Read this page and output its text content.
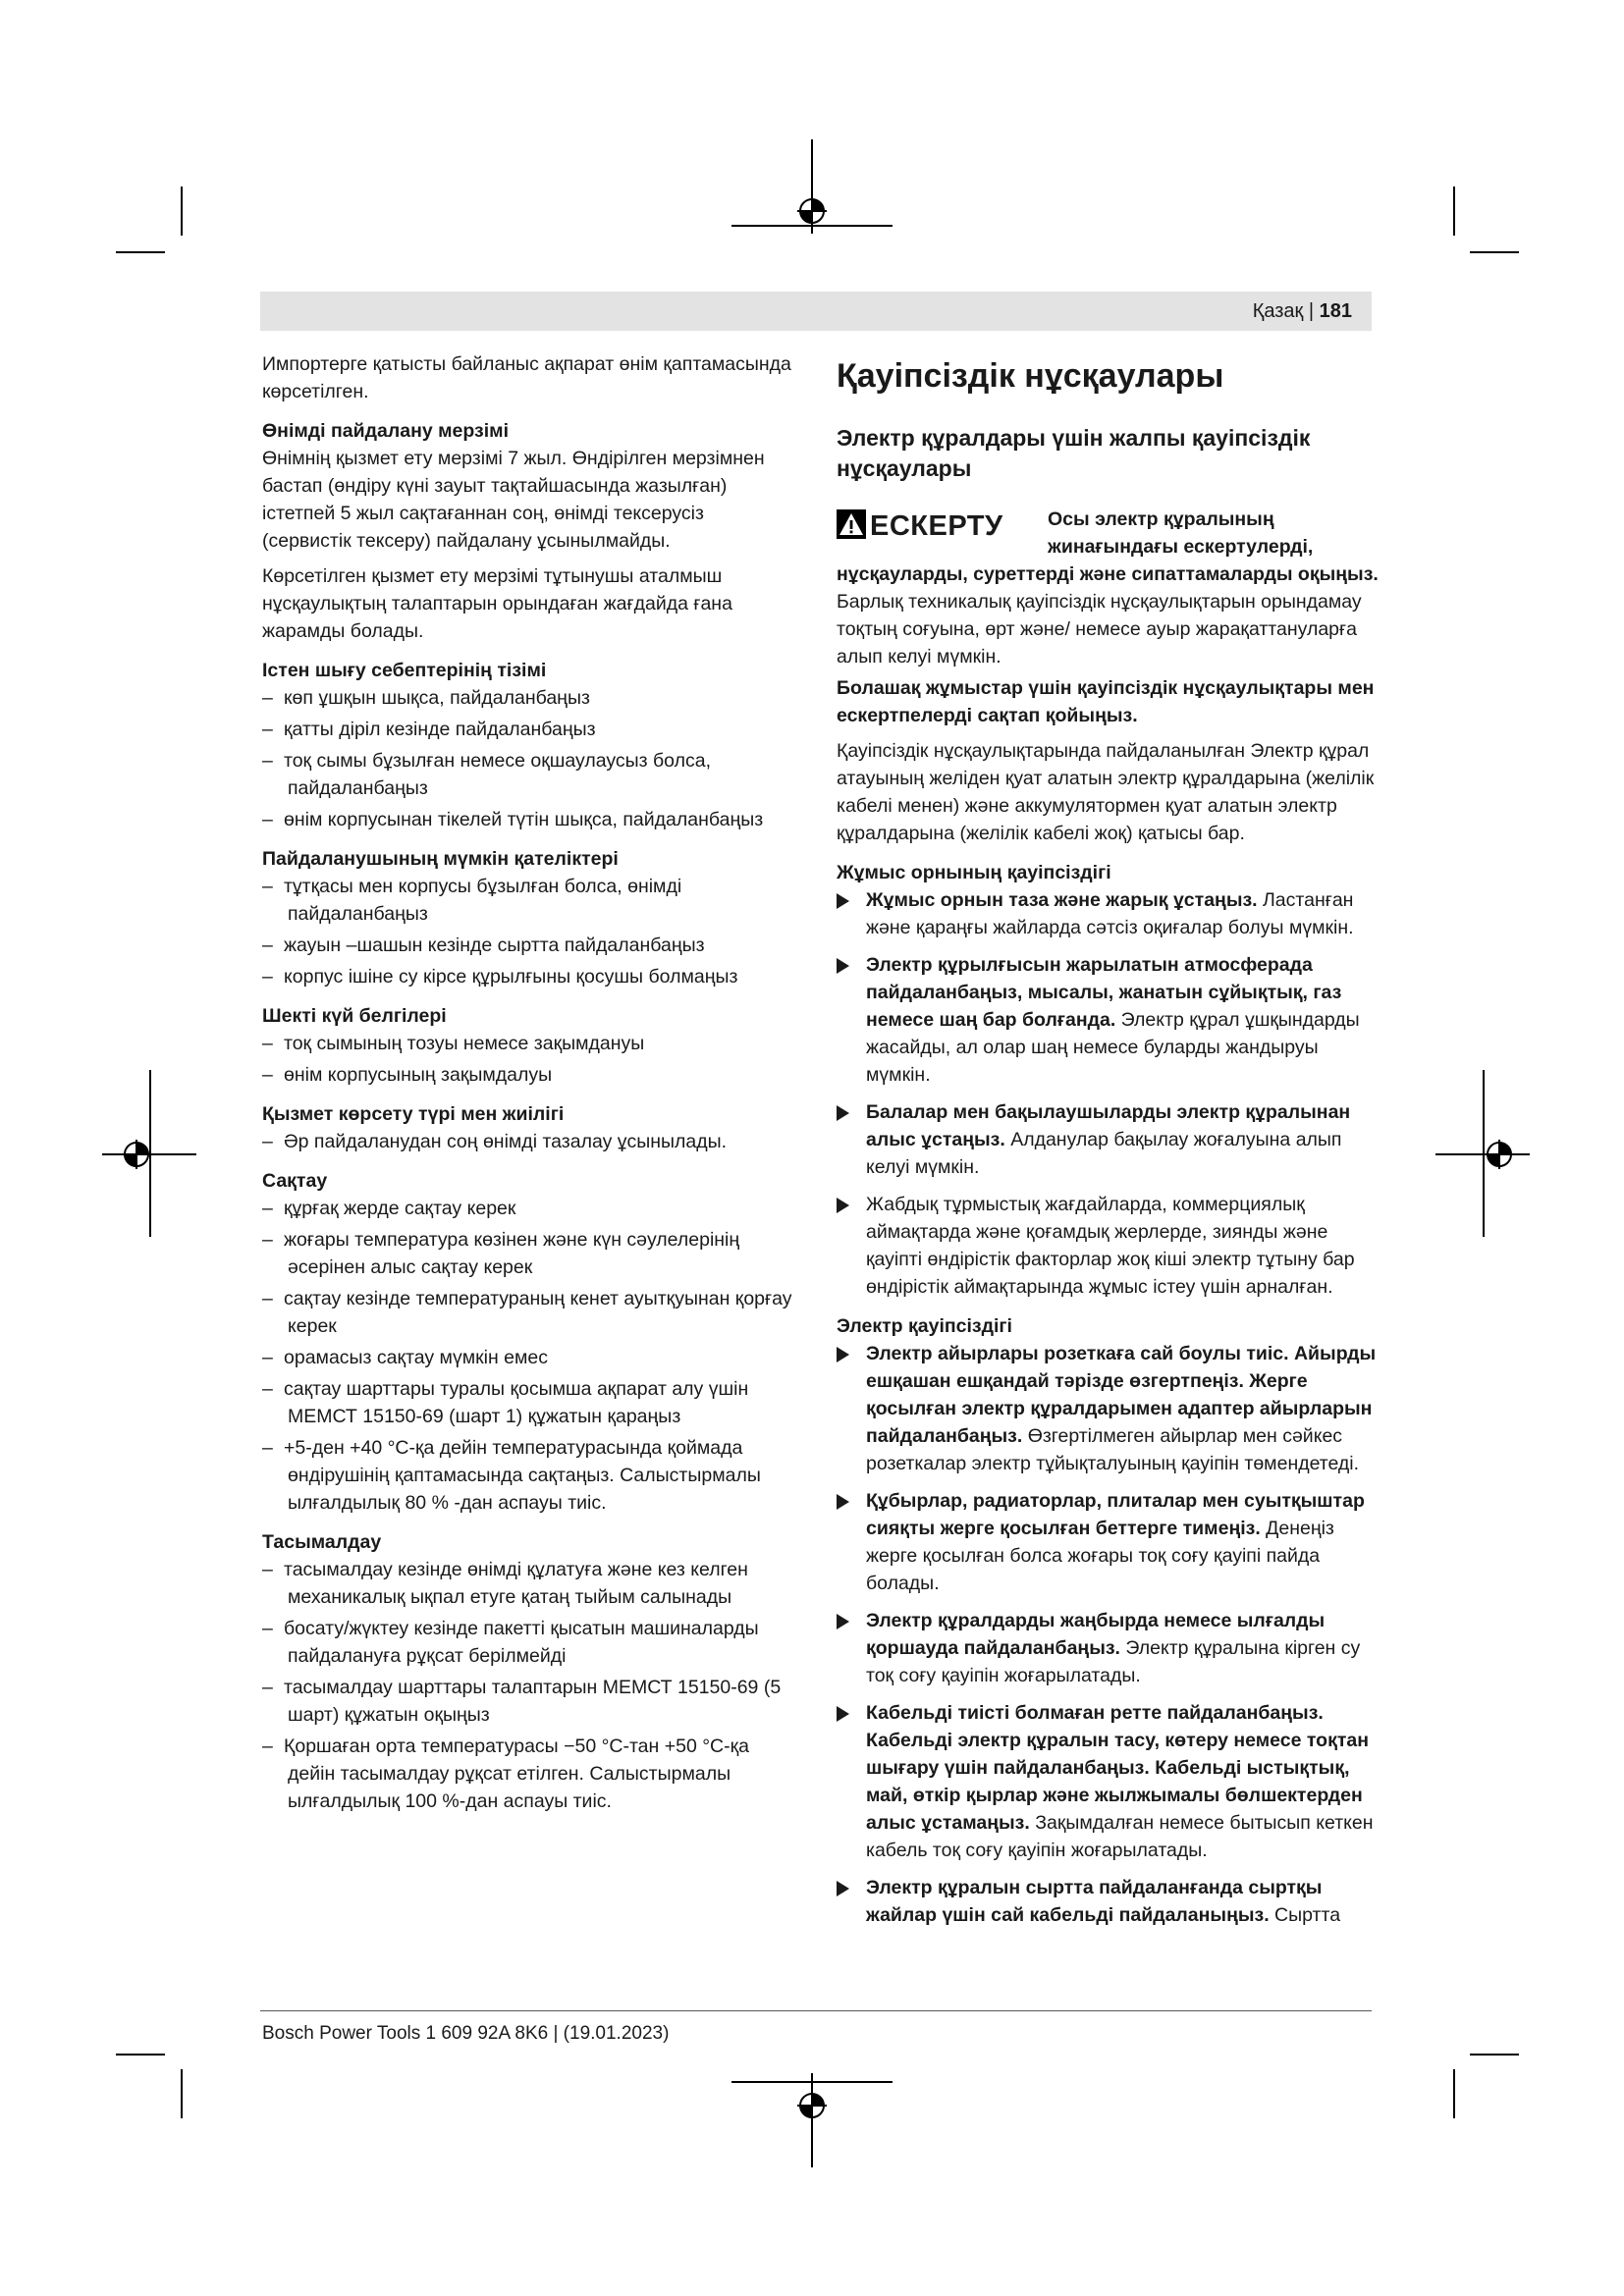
Қазақ | 181

Импортерге қатысты байланыс ақпарат өнім қаптамасында көрсетілген.

Өнімді пайдалану мерзімі

Өнімнің қызмет ету мерзімі 7 жыл. Өндірілген мерзімнен бастап (өндіру күні зауыт тақтайшасында жазылған) істетпей 5 жыл сақтағаннан соң, өнімді тексерусіз (сервистік тексеру) пайдалану ұсынылмайды.

Көрсетілген қызмет ету мерзімі тұтынушы аталмыш нұсқаулықтың талаптарын орындаған жағдайда ғана жарамды болады.

Істен шығу себептерінің тізімі
– көп ұшқын шықса, пайдаланбаңыз
– қатты діріл кезінде пайдаланбаңыз
– тоқ сымы бұзылған немесе оқшаулаусыз болса, пайдаланбаңыз
– өнім корпусынан тікелей түтін шықса, пайдаланбаңыз
Пайдаланушының мүмкін қателіктері
– тұтқасы мен корпусы бұзылған болса, өнімді пайдаланбаңыз
– жауын –шашын кезінде сыртта пайдаланбаңыз
– корпус ішіне су кірсе құрылғыны қосушы болмаңыз
Шекті күй белгілері
– тоқ сымының тозуы немесе зақымдануы
– өнім корпусының зақымдалуы
Қызмет көрсету түрі мен жиілігі
– Әр пайдаланудан соң өнімді тазалау ұсынылады.
Сақтау
– құрғақ жерде сақтау керек
– жоғары температура көзінен және күн сәулелерінің әсерінен алыс сақтау керек
– сақтау кезінде температураның кенет ауытқуынан қорғау керек
– орамасыз сақтау мүмкін емес
– сақтау шарттары туралы қосымша ақпарат алу үшін МЕМСТ 15150-69 (шарт 1) құжатын қараңыз
– +5-ден +40 °C-қа дейін температурасында қоймада өндірушінің қаптамасында сақтаңыз. Салыстырмалы ылғалдылық 80 % -дан аспауы тиіс.
Тасымалдау
– тасымалдау кезінде өнімді құлатуға және кез келген механикалық ықпал етуге қатаң тыйым салынады
– босату/жүктеу кезінде пакетті қысатын машиналарды пайдалануға рұқсат берілмейді
– тасымалдау шарттары талаптарын МЕМСТ 15150-69 (5 шарт) құжатын оқыңыз
– Қоршаған орта температурасы −50 °C-тан +50 °C-қа дейін тасымалдау рұқсат етілген. Салыстырмалы ылғалдылық 100 %-дан аспауы тиіс.
Қауіпсіздік нұсқаулары
Электр құралдары үшін жалпы қауіпсіздік нұсқаулары
ЕСКЕРТУ Осы электр құралының жинағындағы ескертулерді,
нұсқауларды, суреттерді және сипаттамаларды оқыңыз. Барлық техникалық қауіпсіздік нұсқаулықтарын орындамау тоқтың соғуына, өрт және/ немесе ауыр жарақаттануларға алып келуі мүмкін.

Болашақ жұмыстар үшін қауіпсіздік нұсқаулықтары мен ескертпелерді сақтап қойыңыз.

Қауіпсіздік нұсқаулықтарында пайдаланылған Электр құрал атауының желіден қуат алатын электр құралдарына (желілік кабелі менен) және аккумулятормен қуат алатын электр құралдарына (желілік кабелі жоқ) қатысы бар.

Жұмыс орнының қауіпсіздігі
Жұмыс орнын таза және жарық ұстаңыз. Ластанған және қараңғы жайларда сәтсіз оқиғалар болуы мүмкін.
Электр құрылғысын жарылатын атмосферада пайдаланбаңыз, мысалы, жанатын сұйықтық, газ немесе шаң бар болғанда. Электр құрал ұшқындарды жасайды, ал олар шаң немесе буларды жандыруы мүмкін.
Балалар мен бақылаушыларды электр құралынан алыс ұстаңыз. Алданулар бақылау жоғалуына алып келуі мүмкін.
Жабдық тұрмыстық жағдайларда, коммерциялық аймақтарда және қоғамдық жерлерде, зиянды және қауіпті өндірістік факторлар жоқ кіші электр тұтыну бар өндірістік аймақтарында жұмыс істеу үшін арналған.
Электр қауіпсіздігі
Электр айырлары розеткаға сай боулы тиіс. Айырды ешқашан ешқандай тәрізде өзгертпеңіз. Жерге қосылған электр құралдарымен адаптер айырларын пайдаланбаңыз. Өзгертілмеген айырлар мен сәйкес розеткалар электр тұйықталуының қауіпін төмендетеді.
Құбырлар, радиаторлар, плиталар мен суытқыштар сияқты жерге қосылған беттерге тимеңіз. Денеңіз жерге қосылған болса жоғары тоқ соғу қауіпі пайда болады.
Электр құралдарды жаңбырда немесе ылғалды қоршауда пайдаланбаңыз. Электр құралына кірген су тоқ соғу қауіпін жоғарылатады.
Кабельді тиісті болмаған ретте пайдаланбаңыз. Кабельді электр құралын тасу, көтеру немесе тоқтан шығару үшін пайдаланбаңыз. Кабельді ыстықтық, май, өткір қырлар және жылжымалы бөлшектерден алыс ұстамаңыз. Зақымдалған немесе бытысып кеткен кабель тоқ соғу қауіпін жоғарылатады.
Электр құралын сыртта пайдаланғанда сыртқы жайлар үшін сай кабельді пайдаланыңыз. Сыртта
Bosch Power Tools 1 609 92A 8K6 | (19.01.2023)
